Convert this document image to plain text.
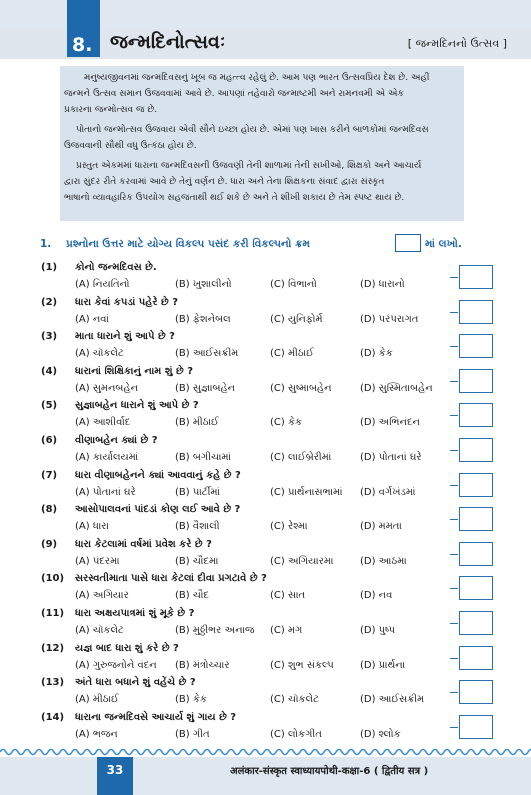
8. જન્મદિનોત્સવઃ	[ જન્મદિનનો ઉત્સવ ]

મનુષ્યજીવનમાં જન્મદિવસનું ખૂબ જ મહત્ત્વ રહેલું છે. આમ પણ ભારત ઉત્સવપ્રિય દેશ છે. અહીં

જન્મને ઉત્સવ સમાન ઉજવવામાં આવે છે. આપણાં તહેવારો જન્માષ્ટમી અને રામનવમી એ એક

પ્રકારના જન્મોત્સવ જ છે.

પોતાનો જન્મોત્સવ ઉજવાય એવી સૌને ઇચ્છા હોય છે. એમાં પણ ખાસ કરીને બાળકોમાં જન્મદિવસ

ઉજવવાની સૌથી વધુ ઉત્કંઠા હોય છે.

પ્રસ્તુત એકમમાં ધારાના જન્મદિવસની ઉજવણી તેની શાળામાં તેની સખીઓ, શિક્ષકો અને આચાર્ય

દ્વારા સુંદર રીતે કરવામાં આવે છે તેનું વર્ણન છે. ધારા અને તેના શિક્ષકના સંવાદ દ્વારા સંસ્કૃત

ભાષાનો વ્યાવહારિક ઉપયોગ સહજતાથી થઈ શકે છે અને તે શીખી શકાય છે તેમ સ્પષ્ટ થાય છે.

1. પ્રશ્નોના ઉત્તર માટે યોગ્ય વિકલ્પ પસંદ કરી વિકલ્પનો ક્રમ	માં લખો.
(1) કોનો જન્મદિવસ છે.
(A) નિયતિનો	(B) ખુશાલીનો	(C) વિભાનો	(D) ધારાનો
(2) ધારા કેવાં કપડાં પહેરે છે ?
(A) નવાં	(B) ફેશનેબલ	(C) યુનિફોર્મ	(D) પરંપરાગત
(3) માતા ધારાને શું આપે છે ?
(A) ચૉકલેટ	(B) આઈસક્રીમ	(C) મીઠાઈ	(D) કેક
(4) ધારાનાં શિક્ષિકાનું નામ શું છે ?
(A) સુમનબહેન	(B) સુજ્ઞાબહેન	(C) સુષ્માબહેન	(D) સુસ્મિતાબહેન
(5) સુજ્ઞાબહેન ધારાને શું આપે છે ?
(A) આશીર્વાદ	(B) મીઠાઈ	(C) કેક	(D) અભિનંદન
(6) વીણાબહેન ક્યાં છે ?
(A) કાર્યાલયમાં	(B) બગીચામાં	(C) લાઈબ્રેરીમાં	(D) પોતાનાં ઘરે
(7) ધારા વીણાબહેનને ક્યાં આવવાનું કહે છે ?
(A) પોતાનાં ઘરે	(B) પાર્ટીમાં	(C) પ્રાર્થનાસભામાં (D) વર્ગખંડમાં
(8) આસોપાલવનાં પાંદડાં કોણ લઈ આવે છે ?
(A) ધારા	(B) વૈશાલી	(C) રેશ્મા	(D) મમતા
(9) ધારા કેટલામાં વર્ષમાં પ્રવેશ કરે છે ?
(A) પંદરમા	(B) ચૌદમા	(C) અગિયારમા	(D) આઠમા
(10) સરસ્વતીમાતા પાસે ધારા કેટલાં દીવા પ્રગટાવે છે ?
(A) અગિયાર	(B) ચૌદ	(C) સાત	(D) નવ
(11) ધારા અક્ષયપાત્રમાં શું મૂકે છે ?
(A) ચૉકલેટ	(B) મુઠ્ઠીભર અનાજ (C) મગ	(D) પુષ્પ
(12) યજ્ઞ બાદ ધારા શું કરે છે ?
(A) ગુરુજનોને વંદન (B) મંત્રોચ્ચાર	(C) શુભ સંકલ્પ	(D) પ્રાર્થના
(13) અંતે ધારા બધાને શું વહેંચે છે ?
(A) મીઠાઈ	(B) કેક	(C) ચૉકલેટ	(D) આઈસક્રીમ
(14) ધારાના જન્મદિવસે આચાર્ય શું ગાય છે ?
(A) ભજન	(B) ગીત	(C) લોકગીત	(D) શ્લોક
33	अलंकार-संस्कृत स्वाध्यायपोथी-कक्षा-6 ( द्वितीय सत्र )
